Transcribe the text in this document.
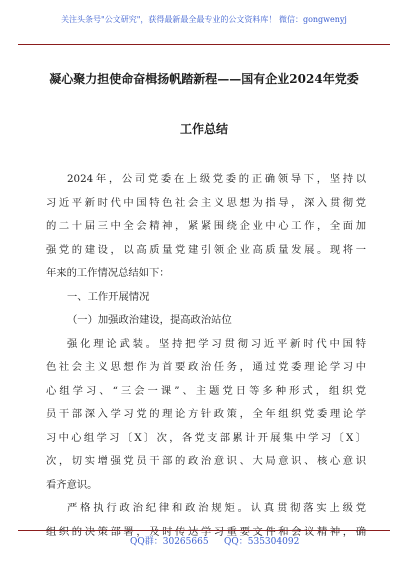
关注头条号"公文研究"，获得最新最全最专业的公文资料库！ 微信：gongwenyj
凝心聚力担使命奋楫扬帆踏新程——国有企业2024年党委
工作总结
2024年，公司党委在上级党委的正确领导下，坚持以
习近平新时代中国特色社会主义思想为指导，深入贯彻党
的二十届三中全会精神，紧紧围绕企业中心工作，全面加
强党的建设，以高质量党建引领企业高质量发展。现将一
年来的工作情况总结如下：
一、工作开展情况
（一）加强政治建设，提高政治站位
强化理论武装。坚持把学习贯彻习近平新时代中国特
色社会主义思想作为首要政治任务，通过党委理论学习中
心组学习、“三会一课”、主题党日等多种形式，组织党
员干部深入学习党的理论方针政策，全年组织党委理论学
习中心组学习〔X〕次，各党支部累计开展集中学习〔X〕
次，切实增强党员干部的政治意识、大局意识、核心意识
看齐意识。
严格执行政治纪律和政治规矩。认真贯彻落实上级党
组织的决策部署，及时传达学习重要文件和会议精神，确
QQ群：30265665 QQ：535304092
